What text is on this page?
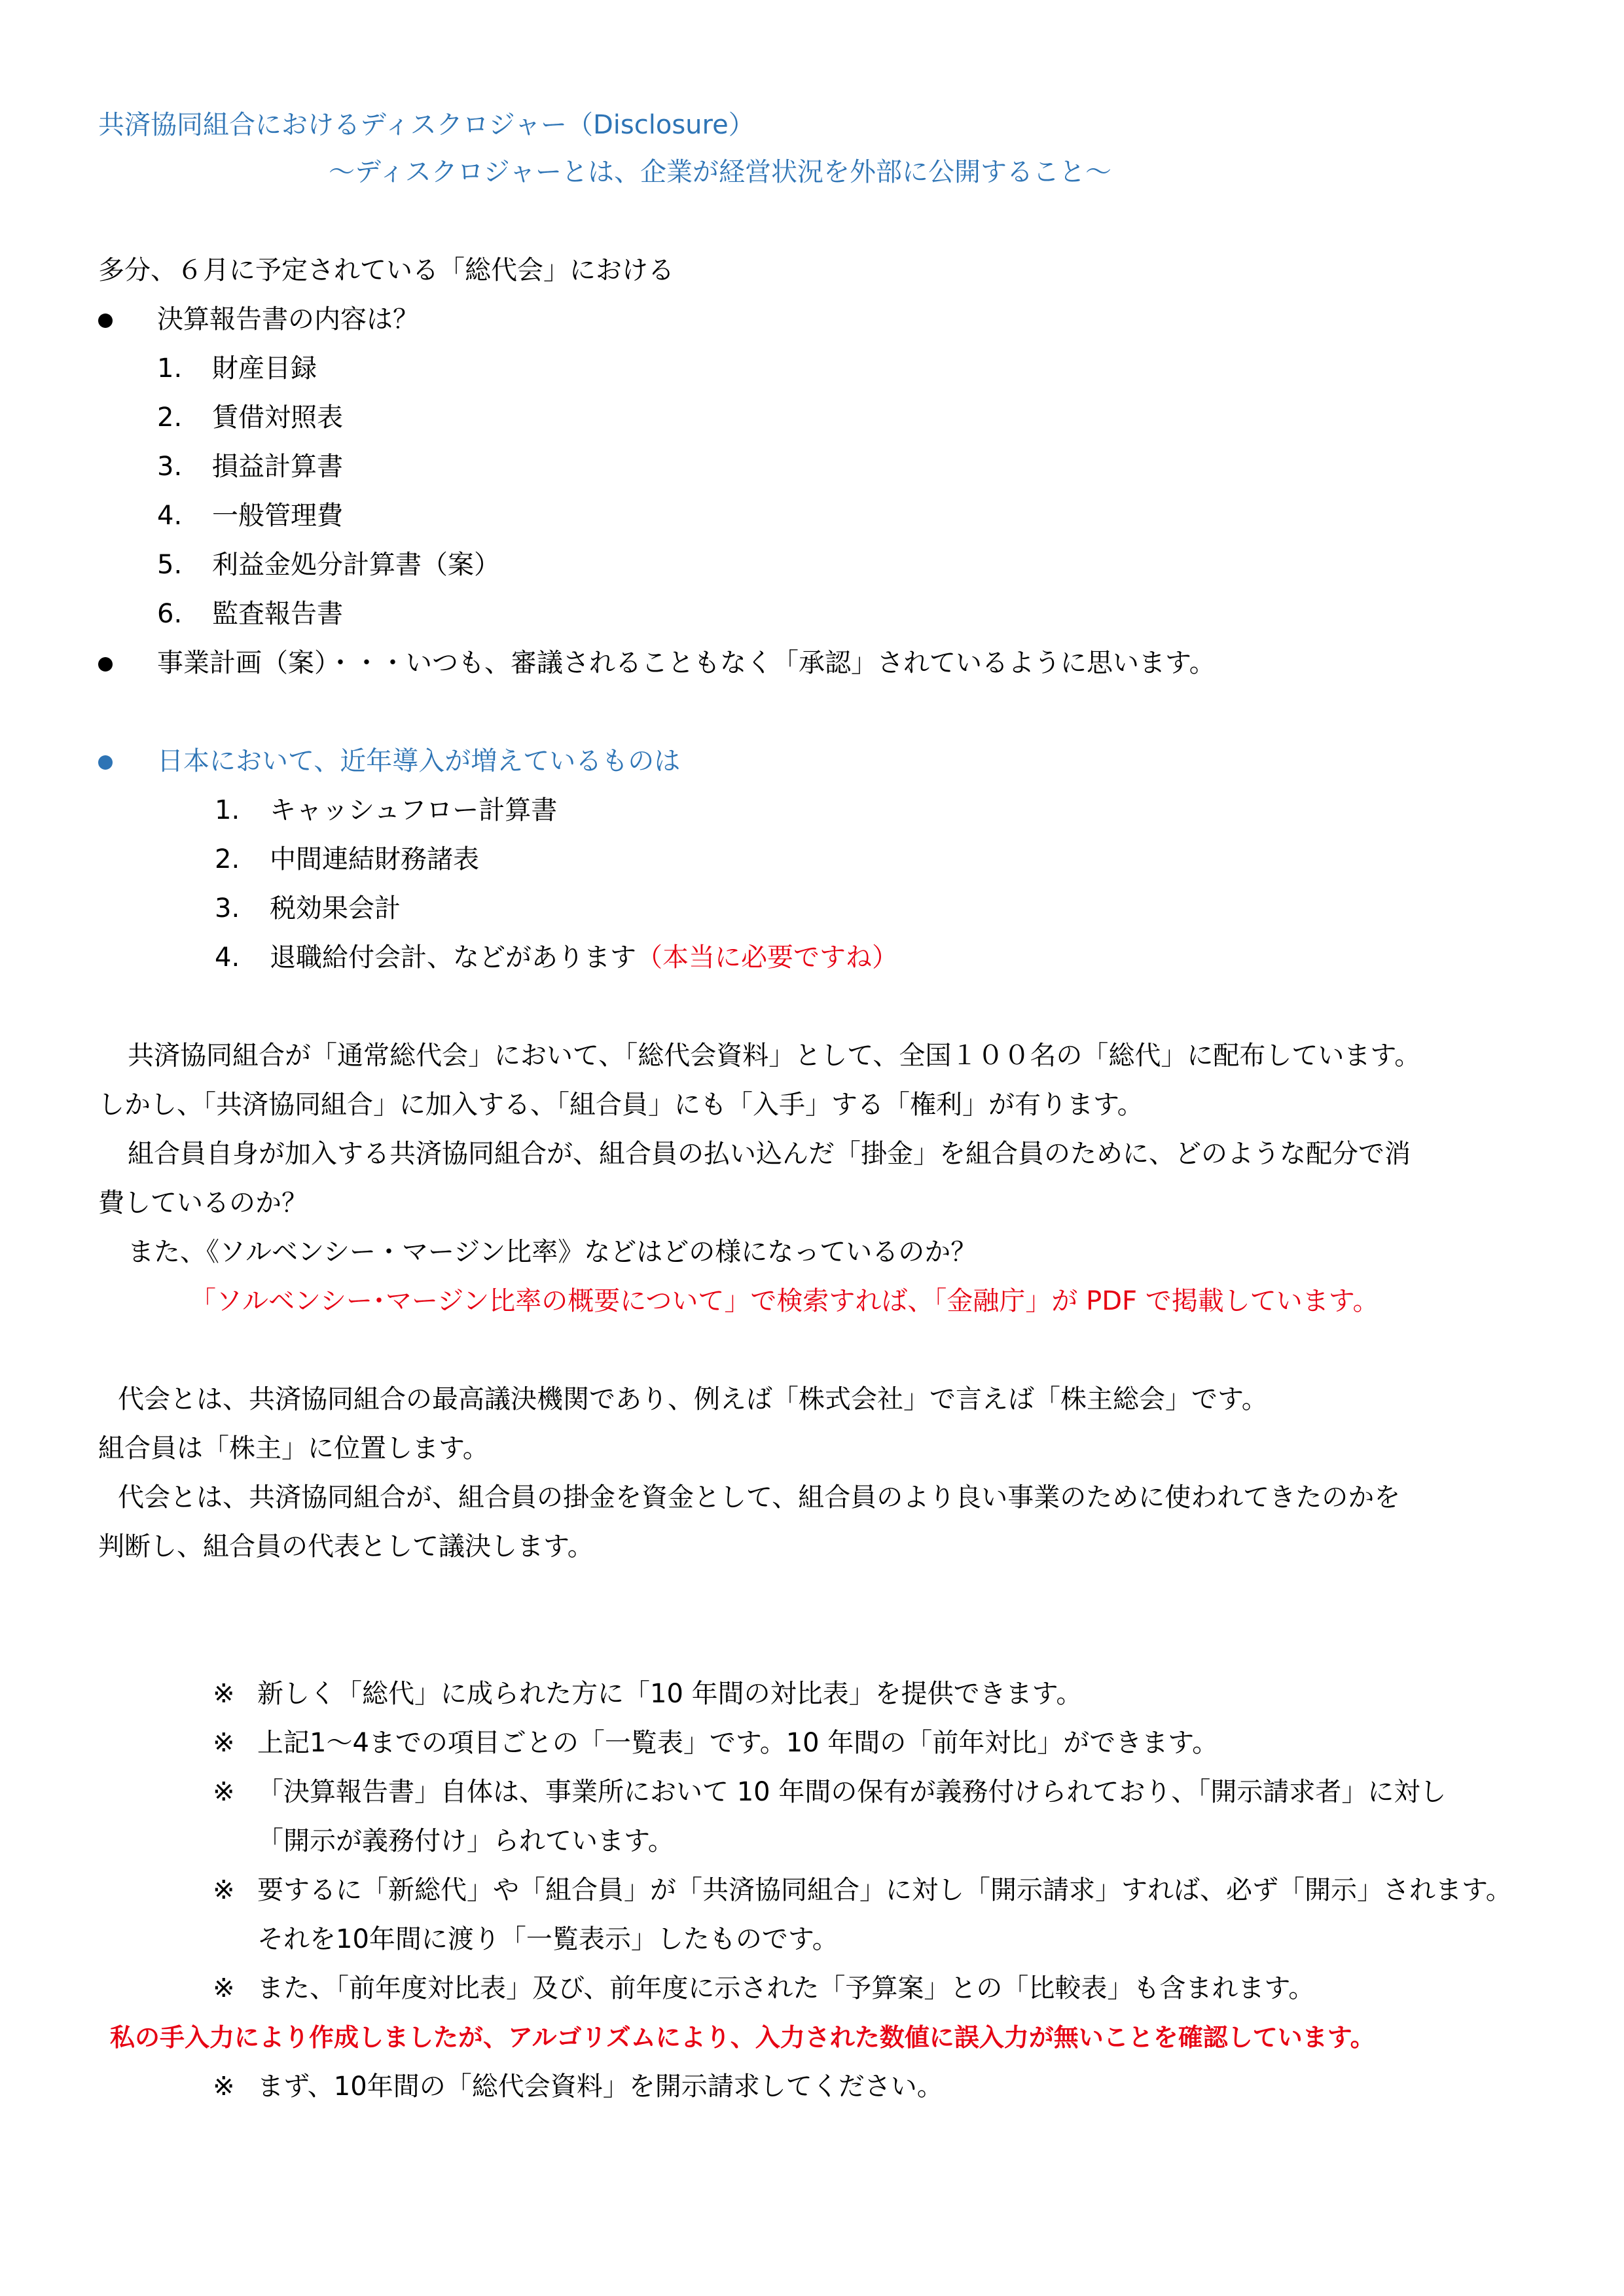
共済協同組合におけるディスクロジャー（Disclosure）
～ディスクロジャーとは、企業が経営状況を外部に公開すること～
多分、６月に予定されている「総代会」における
決算報告書の内容は？
1. 財産目録
2. 賃借対照表
3. 損益計算書
4. 一般管理費
5. 利益金処分計算書（案）
6. 監査報告書
事業計画（案）・・・いつも、審議されることもなく「承認」されているように思います。
日本において、近年導入が増えているものは
1. キャッシュフロー計算書
2. 中間連結財務諸表
3. 税効果会計
4. 退職給付会計、などがあります（本当に必要ですね）
共済協同組合が「通常総代会」において、「総代会資料」として、全国１００名の「総代」に配布しています。
しかし、「共済協同組合」に加入する、「組合員」にも「入手」する「権利」が有ります。
組合員自身が加入する共済協同組合が、組合員の払い込んだ「掛金」を組合員のために、どのような配分で消
費しているのか？
また、《ソルベンシー・マージン比率》などはどの様になっているのか？
「ソルベンシー･マージン比率の概要について」で検索すれば、「金融庁」が PDF で掲載しています。
代会とは、共済協同組合の最高議決機関であり、例えば「株式会社」で言えば「株主総会」です。
組合員は「株主」に位置します。
代会とは、共済協同組合が、組合員の掛金を資金として、組合員のより良い事業のために使われてきたのかを
判断し、組合員の代表として議決します。
※ 新しく「総代」に成られた方に「10 年間の対比表」を提供できます。
※ 上記1～4までの項目ごとの「一覧表」です。10 年間の「前年対比」ができます。
※ 「決算報告書」自体は、事業所において 10 年間の保有が義務付けられており、「開示請求者」に対し
「開示が義務付け」られています。
※ 要するに「新総代」や「組合員」が「共済協同組合」に対し「開示請求」すれば、必ず「開示」されます。
それを10年間に渡り「一覧表示」したものです。
※ また、「前年度対比表」及び、前年度に示された「予算案」との「比較表」も含まれます。
私の手入力により作成しましたが、アルゴリズムにより、入力された数値に誤入力が無いことを確認しています。
※ まず、10年間の「総代会資料」を開示請求してください。
